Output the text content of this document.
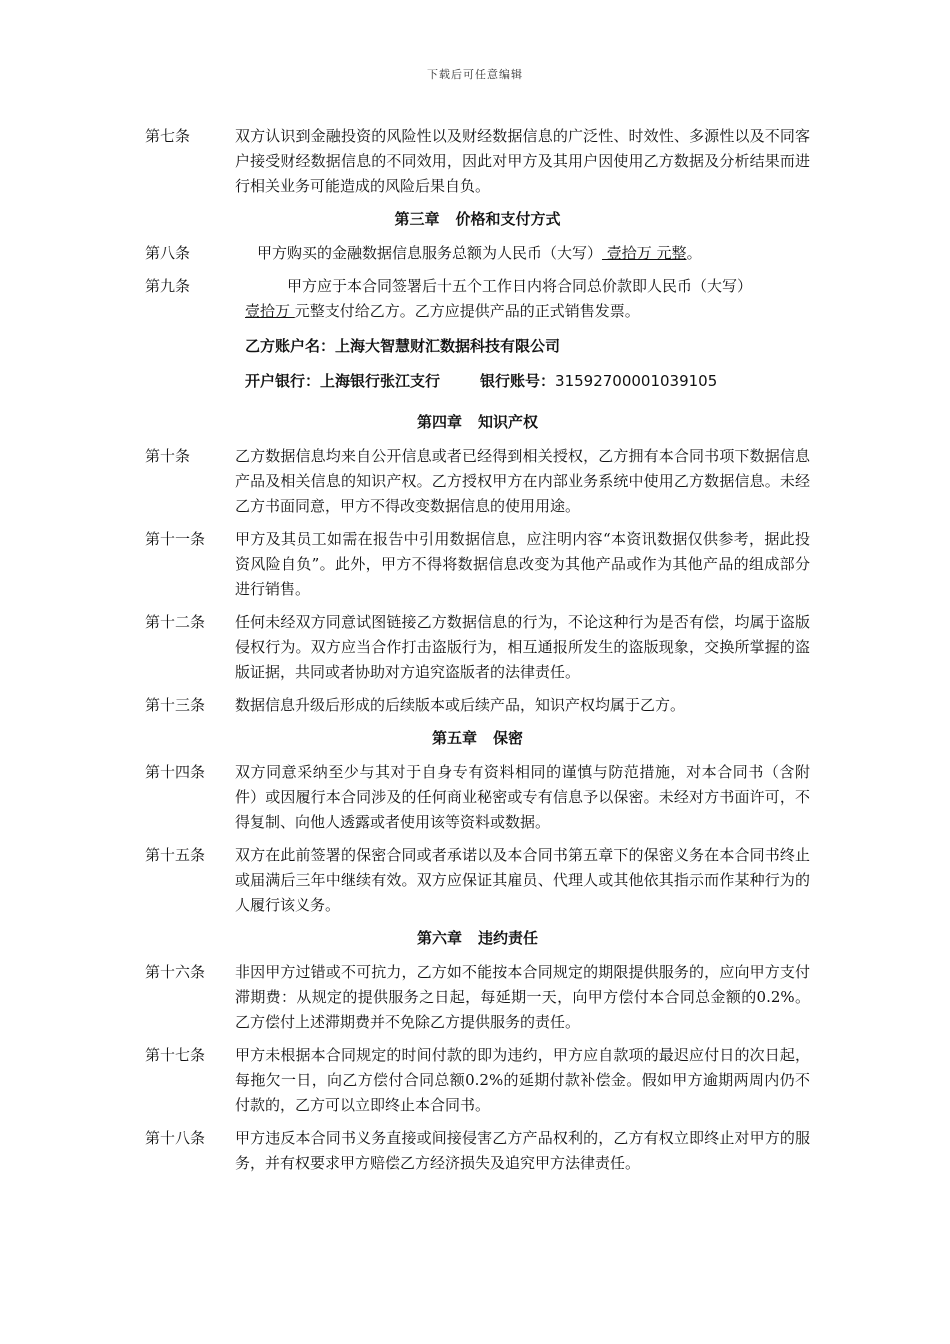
下载后可任意编辑
第七条	双方认识到金融投资的风险性以及财经数据信息的广泛性、时效性、多源性以及不同客户接受财经数据信息的不同效用，因此对甲方及其用户因使用乙方数据及分析结果而进行相关业务可能造成的风险后果自负。
第三章 价格和支付方式
第八条	甲方购买的金融数据信息服务总额为人民币（大写） 壹拾万 元整。
第九条	甲方应于本合同签署后十五个工作日内将合同总价款即人民币（大写）
壹拾万 元整支付给乙方。乙方应提供产品的正式销售发票。
乙方账户名：上海大智慧财汇数据科技有限公司
开户银行：上海银行张江支行	银行账号：31592700001039105
第四章 知识产权
第十条	乙方数据信息均来自公开信息或者已经得到相关授权，乙方拥有本合同书项下数据信息产品及相关信息的知识产权。乙方授权甲方在内部业务系统中使用乙方数据信息。未经乙方书面同意，甲方不得改变数据信息的使用用途。
第十一条	甲方及其员工如需在报告中引用数据信息，应注明内容“本资讯数据仅供参考，据此投资风险自负”。此外，甲方不得将数据信息改变为其他产品或作为其他产品的组成部分进行销售。
第十二条	任何未经双方同意试图链接乙方数据信息的行为，不论这种行为是否有偿，均属于盗版侵权行为。双方应当合作打击盗版行为，相互通报所发生的盗版现象，交换所掌握的盗版证据，共同或者协助对方追究盗版者的法律责任。
第十三条	数据信息升级后形成的后续版本或后续产品，知识产权均属于乙方。
第五章 保密
第十四条	双方同意采纳至少与其对于自身专有资料相同的谨慎与防范措施，对本合同书（含附件）或因履行本合同涉及的任何商业秘密或专有信息予以保密。未经对方书面许可，不得复制、向他人透露或者使用该等资料或数据。
第十五条	双方在此前签署的保密合同或者承诺以及本合同书第五章下的保密义务在本合同书终止或届满后三年中继续有效。双方应保证其雇员、代理人或其他依其指示而作某种行为的人履行该义务。
第六章 违约责任
第十六条	非因甲方过错或不可抗力，乙方如不能按本合同规定的期限提供服务的，应向甲方支付滞期费：从规定的提供服务之日起，每延期一天，向甲方偿付本合同总金额的0.2%。乙方偿付上述滞期费并不免除乙方提供服务的责任。
第十七条	甲方未根据本合同规定的时间付款的即为违约，甲方应自款项的最迟应付日的次日起，每拖欠一日，向乙方偿付合同总额0.2%的延期付款补偿金。假如甲方逾期两周内仍不付款的，乙方可以立即终止本合同书。
第十八条	甲方违反本合同书义务直接或间接侵害乙方产品权利的，乙方有权立即终止对甲方的服务，并有权要求甲方赔偿乙方经济损失及追究甲方法律责任。
